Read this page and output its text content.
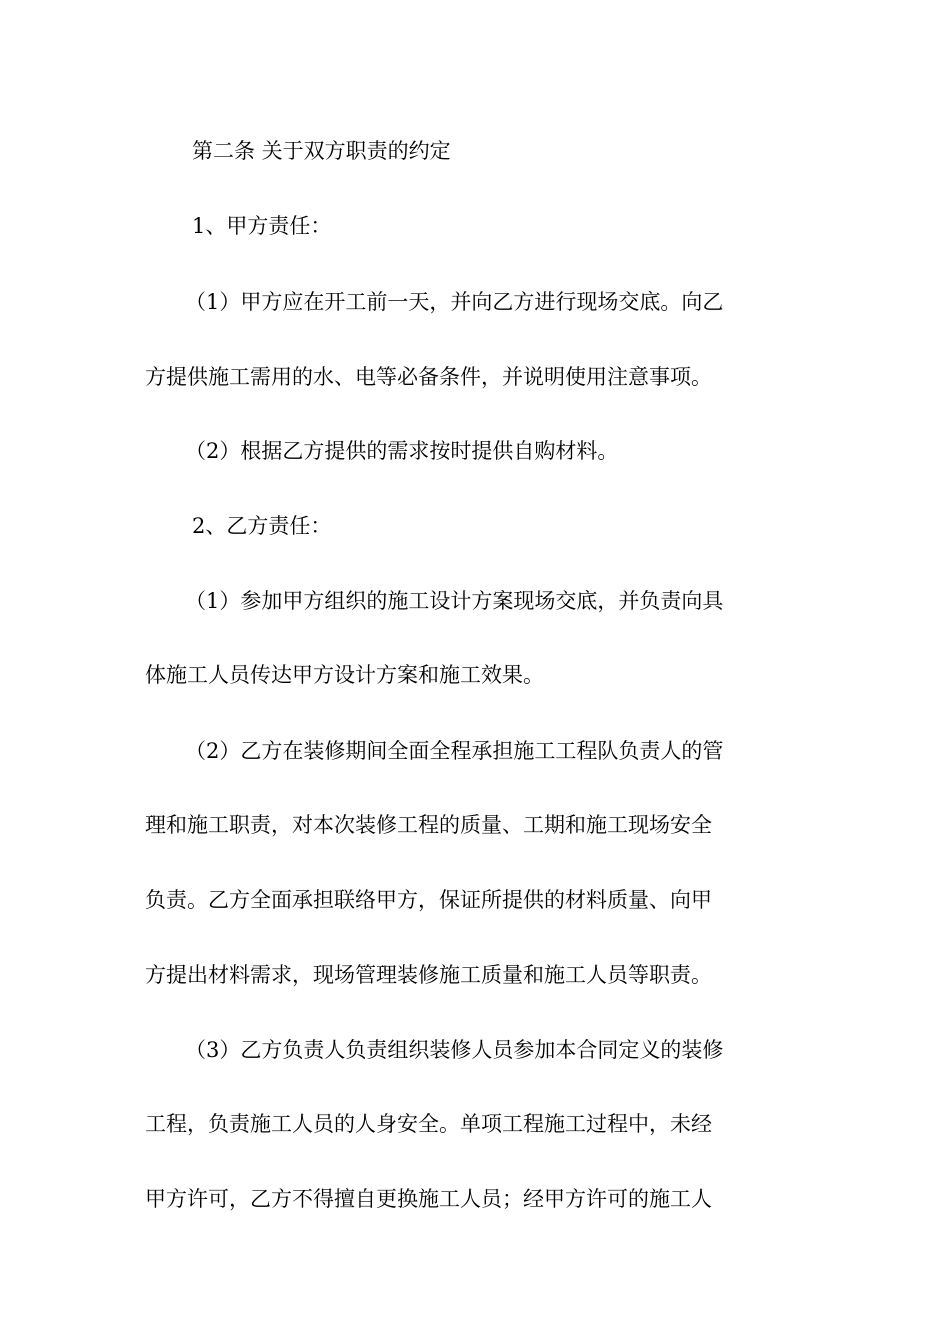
第二条 关于双方职责的约定

1、甲方责任：

（1）甲方应在开工前一天，并向乙方进行现场交底。向乙

方提供施工需用的水、电等必备条件，并说明使用注意事项。

（2）根据乙方提供的需求按时提供自购材料。

2、乙方责任：

（1）参加甲方组织的施工设计方案现场交底，并负责向具

体施工人员传达甲方设计方案和施工效果。

（2）乙方在装修期间全面全程承担施工工程队负责人的管

理和施工职责，对本次装修工程的质量、工期和施工现场安全

负责。乙方全面承担联络甲方，保证所提供的材料质量、向甲

方提出材料需求，现场管理装修施工质量和施工人员等职责。

（3）乙方负责人负责组织装修人员参加本合同定义的装修

工程，负责施工人员的人身安全。单项工程施工过程中，未经

甲方许可，乙方不得擅自更换施工人员；经甲方许可的施工人
